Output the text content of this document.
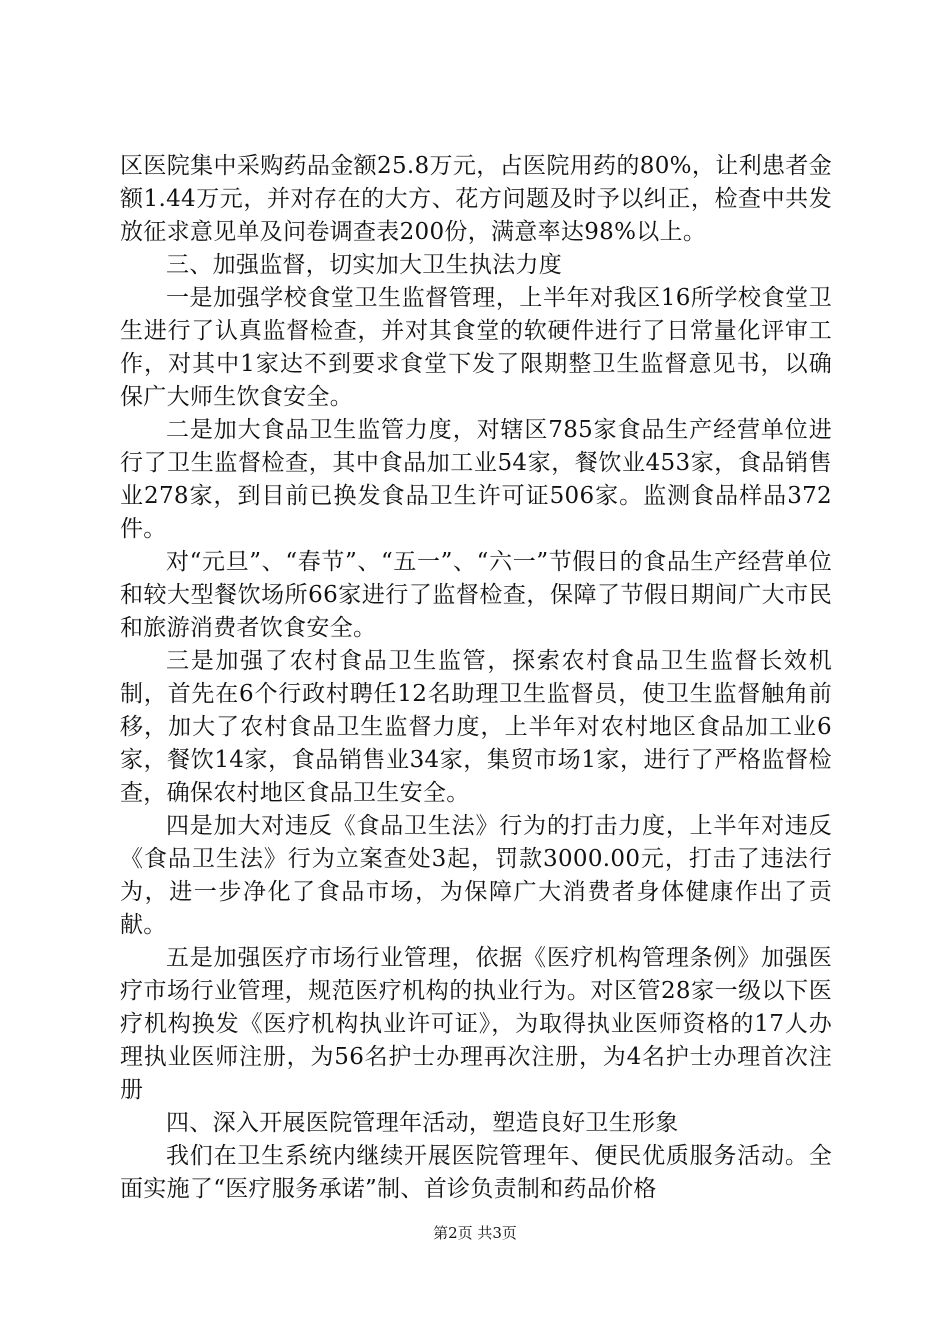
区医院集中采购药品金额25.8万元，占医院用药的80%，让利患者金额1.44万元，并对存在的大方、花方问题及时予以纠正，检查中共发放征求意见单及问卷调查表200份，满意率达98%以上。

三、加强监督，切实加大卫生执法力度

一是加强学校食堂卫生监督管理，上半年对我区16所学校食堂卫生进行了认真监督检查，并对其食堂的软硬件进行了日常量化评审工作，对其中1家达不到要求食堂下发了限期整卫生监督意见书，以确保广大师生饮食安全。

二是加大食品卫生监管力度，对辖区785家食品生产经营单位进行了卫生监督检查，其中食品加工业54家，餐饮业453家，食品销售业278家，到目前已换发食品卫生许可证506家。监测食品样品372件。

对“元旦”、“春节”、“五一”、“六一”节假日的食品生产经营单位和较大型餐饮场所66家进行了监督检查，保障了节假日期间广大市民和旅游消费者饮食安全。

三是加强了农村食品卫生监管，探索农村食品卫生监督长效机制，首先在6个行政村聘任12名助理卫生监督员，使卫生监督触角前移，加大了农村食品卫生监督力度，上半年对农村地区食品加工业6家，餐饮14家，食品销售业34家，集贸市场1家，进行了严格监督检查，确保农村地区食品卫生安全。

四是加大对违反《食品卫生法》行为的打击力度，上半年对违反《食品卫生法》行为立案查处3起，罚款3000.00元，打击了违法行为，进一步净化了食品市场，为保障广大消费者身体健康作出了贡献。

五是加强医疗市场行业管理，依据《医疗机构管理条例》加强医疗市场行业管理，规范医疗机构的执业行为。对区管28家一级以下医疗机构换发《医疗机构执业许可证》，为取得执业医师资格的17人办理执业医师注册，为56名护士办理再次注册，为4名护士办理首次注册

四、深入开展医院管理年活动，塑造良好卫生形象

我们在卫生系统内继续开展医院管理年、便民优质服务活动。全面实施了“医疗服务承诺”制、首诊负责制和药品价格

第2页 共3页
